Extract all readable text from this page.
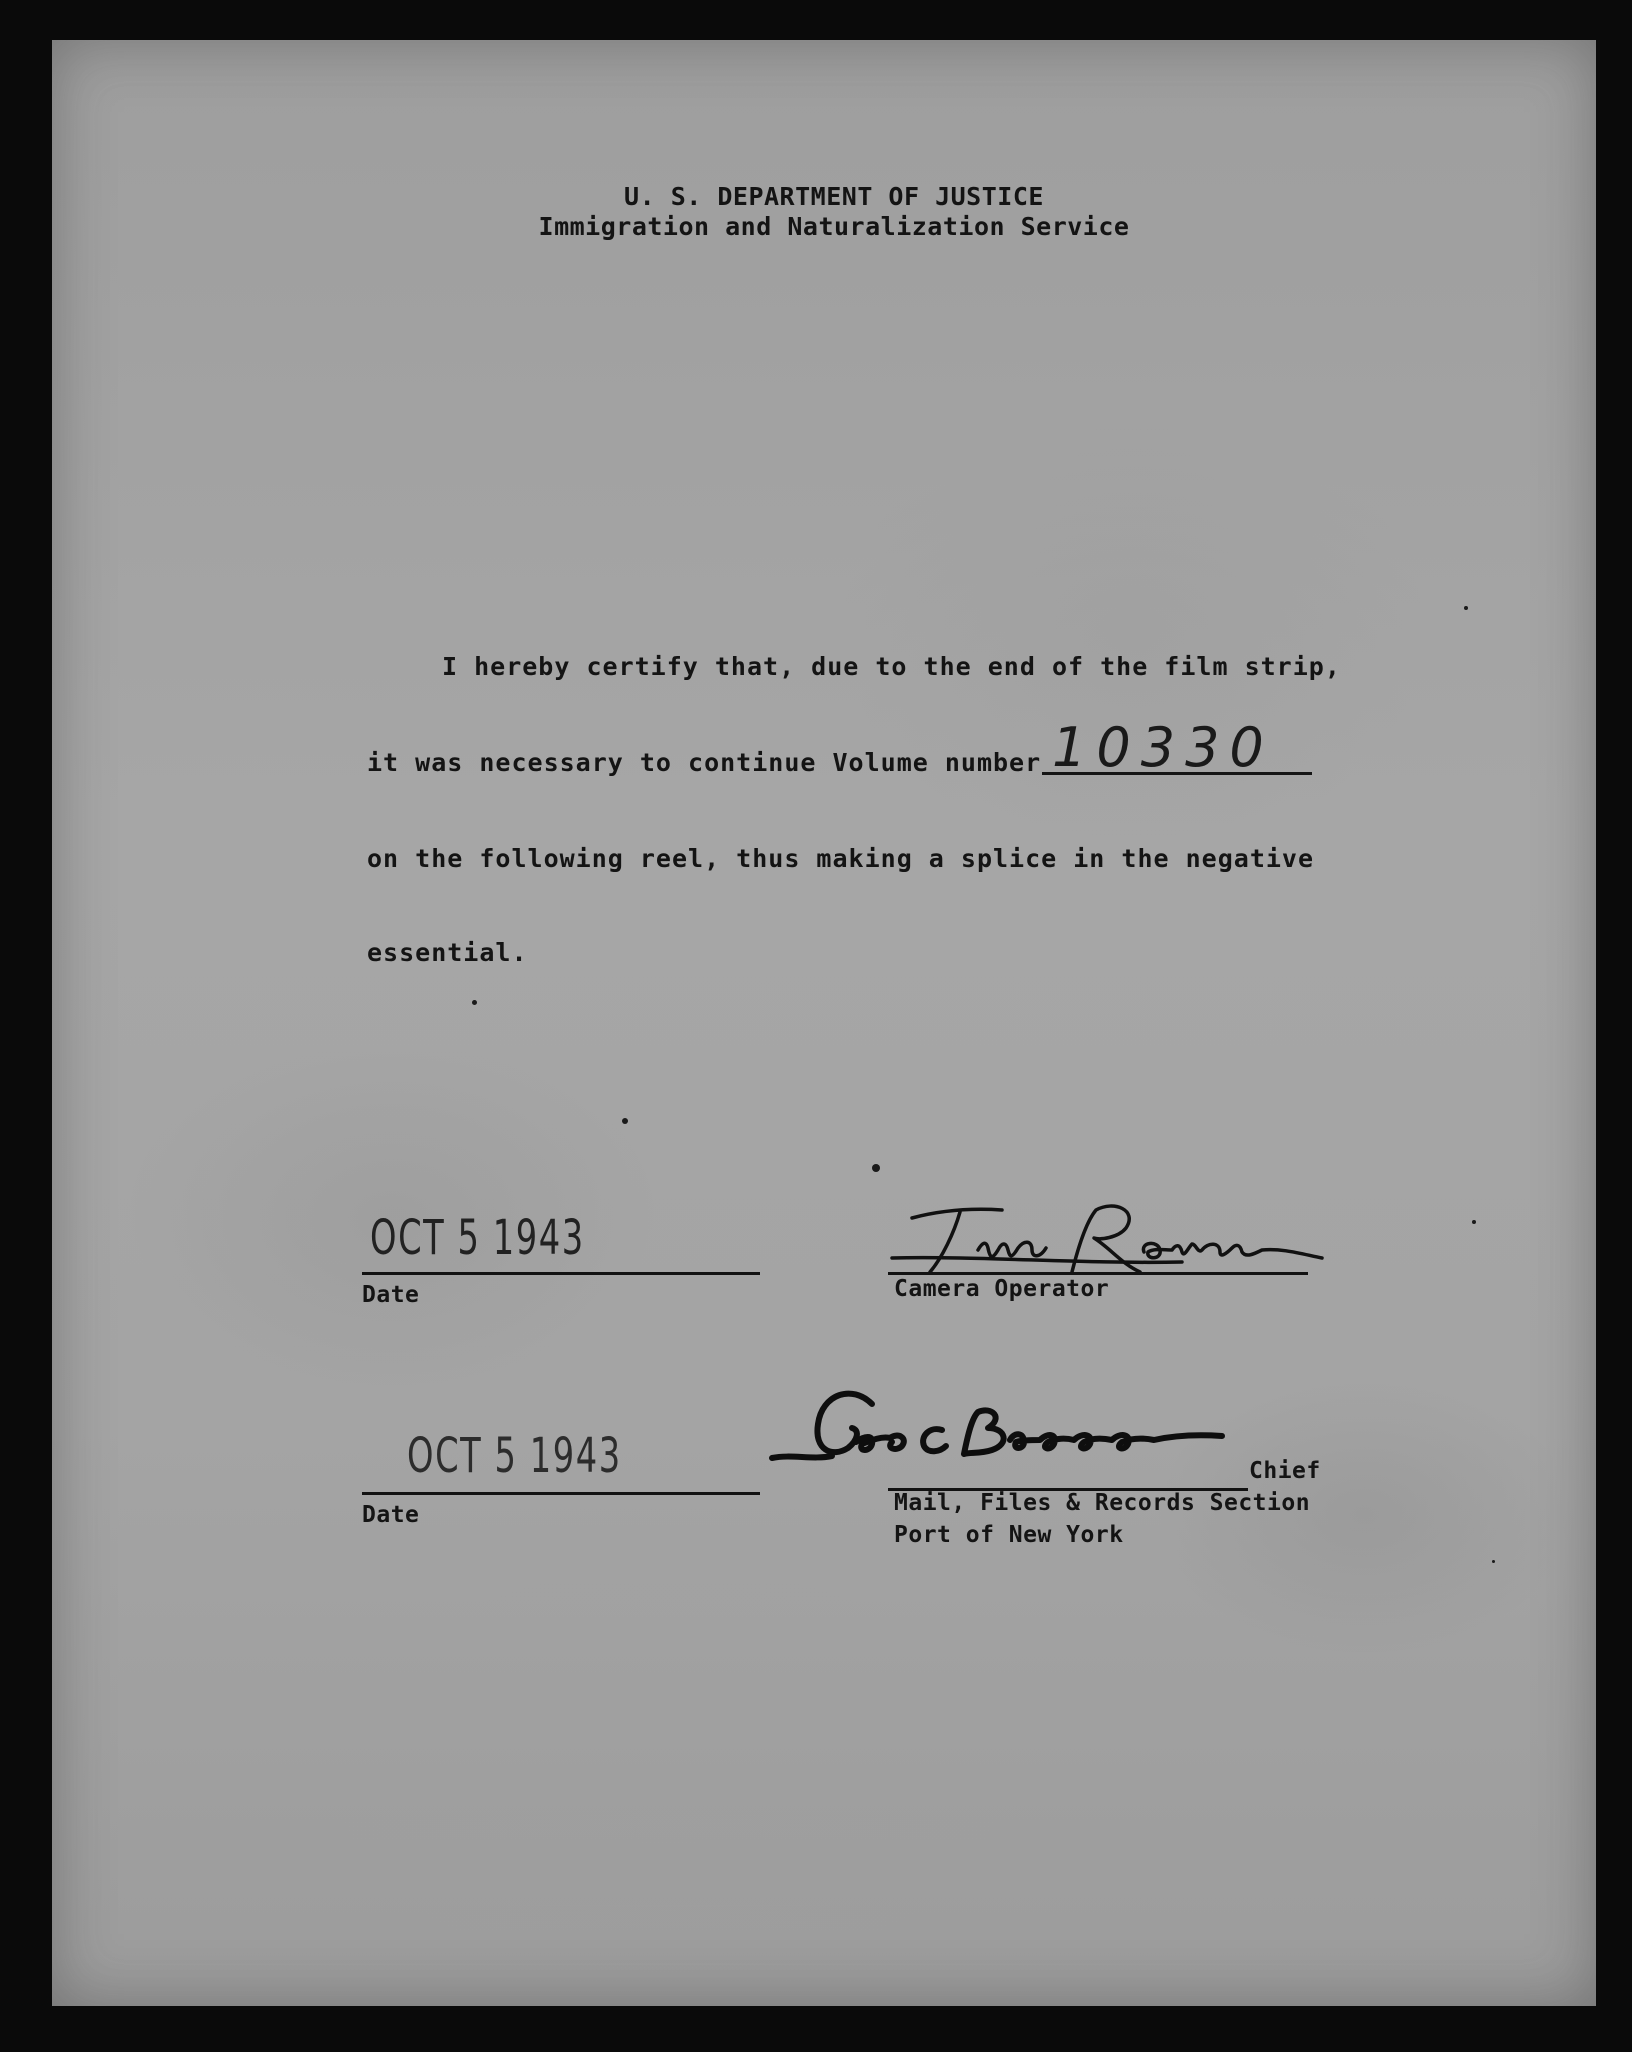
U. S. DEPARTMENT OF JUSTICE
Immigration and Naturalization Service
I hereby certify that, due to the end of the film strip,
it was necessary to continue Volume number 10330
on the following reel, thus making a splice in the negative
essential.
OCT 5 1943
Date	Camera Operator
OCT 5 1943
Date
Chief
Mail, Files & Records Section
Port of New York
